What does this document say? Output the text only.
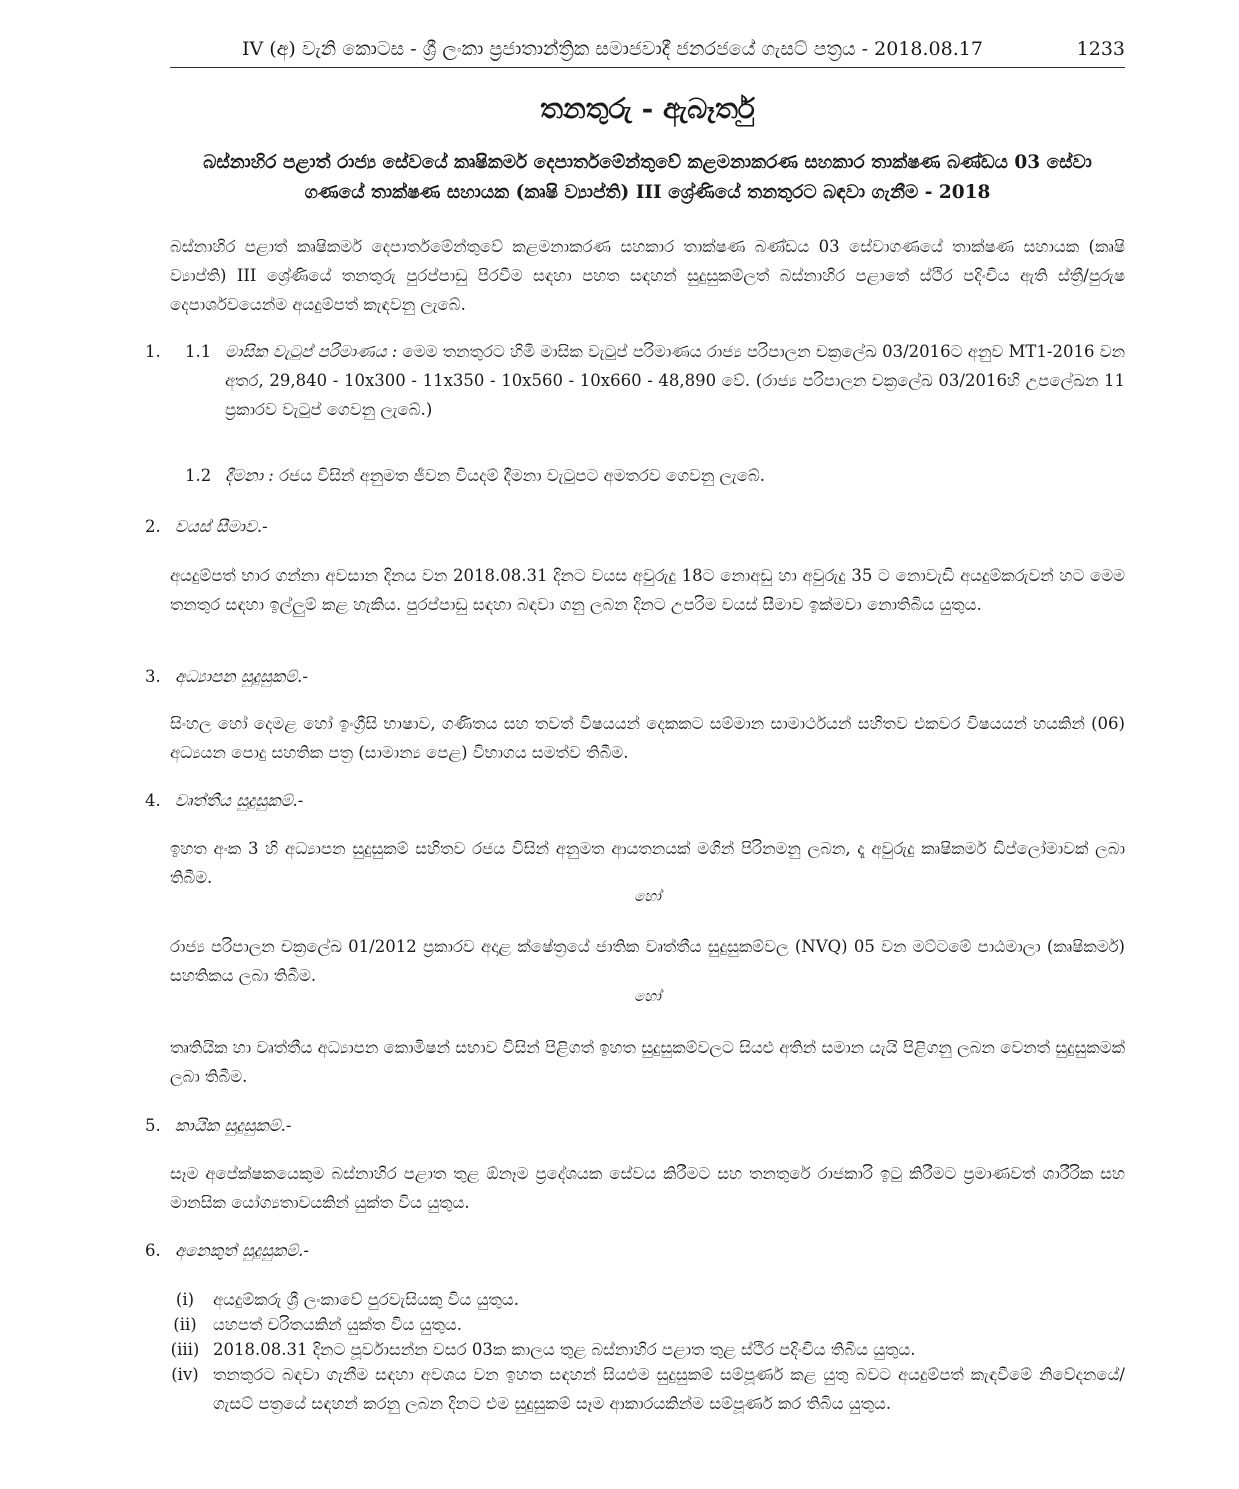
IV (අ) වැනි කොටස - ශ්‍රී ලංකා ප්‍රජාතාන්ත්‍රික සමාජවාදී ජනරජයේ ගැසට් පත්‍රය - 2018.08.17	1233
තනතුරු - ඇබෑර්තු
බස්නාහිර පළාත් රාජ්‍ය සේවයේ කෘෂිකර්ම දෙපාර්තමේන්තුවේ කළමනාකරණ සහකාර තාක්ෂණ බණ්ඩය 03 සේවා
ගණයේ තාක්ෂණ සහායක (කෘෂි ව්‍යාප්ති) III ශ්‍රේණියේ තනතුරට බඳවා ගැනීම - 2018
බස්නාහිර පළාත් කෘෂිකර්ම දෙපාර්තමේන්තුවේ කළමනාකරණ සහකාර තාක්ෂණ බණ්ඩය 03 සේවාගණයේ තාක්ෂණ සහායක (කෘෂි ව්‍යාප්ති) III ශ්‍රේණියේ තනතුරු පුරප්පාඩු පිරවීම සඳහා පහත සඳහන් සුදුසුකම්ලත් බස්නාහිර පළාතේ ස්ථිර පදිංචිය ඇති ස්ත්‍රී/පුරුෂ දෙපාර්ශවයෙන්ම අයදුම්පත් කැඳවනු ලැබේ.
1. 1.1 මාසික වැටුප් පරිමාණය : මෙම තනතුරට හිමි මාසික වැටුප් පරිමාණය රාජ්‍ය පරිපාලන චක්‍රලේඛ 03/2016ට අනුව MT1-2016 වන අතර, 29,840 - 10x300 - 11x350 - 10x560 - 10x660 - 48,890 වේ. (රාජ්‍ය පරිපාලන චක්‍රලේඛ 03/2016හි උපලේඛන 11 ප්‍රකාරව වැටුප් ගෙවනු ලැබේ.)
1.2 දීමනා : රජය විසින් අනුමත ජීවන වියදම් දීමනා වැටුපට අමතරව ගෙවනු ලැබේ.
2. වයස් සීමාව.-
අයදුම්පත් භාර ගන්නා අවසාන දිනය වන 2018.08.31 දිනට වයස අවුරුදු 18ට නොඅඩු හා අවුරුදු 35 ට නොවැඩි අයදුම්කරුවන් හට මෙම තනතුර සඳහා ඉල්ලුම් කළ හැකිය. පුරප්පාඩු සඳහා බඳවා ගනු ලබන දිනට උපරිම වයස් සීමාව ඉක්මවා නොතිබිය යුතුය.
3. අධ්‍යාපන සුදුසුකම්.-
සිංහල හෝ දෙමළ හෝ ඉංග්‍රීසි භාෂාව, ගණිතය සහ තවත් විෂයයන් දෙකකට සම්මාන සාමාර්ථයන් සහිතව එකවර විෂයයන් හයකින් (06) අධ්‍යයන පොදු සහතික පත්‍ර (සාමාන්‍ය පෙළ) විභාගය සමත්ව තිබීම.
4. වෘත්තීය සුදුසුකම්.-
ඉහත අංක 3 හි අධ්‍යාපන සුදුසුකම් සහිතව රජය විසින් අනුමත ආයතනයක් මගින් පිරිනමනු ලබන, දෑ අවුරුදු කෘෂිකර්ම ඩිප්ලෝමාවක් ලබා තිබීම.
හෝ
රාජ්‍ය පරිපාලන චක්‍රලේඛ 01/2012 ප්‍රකාරව අදාළ ක්ෂේත්‍රයේ ජාතික වෘත්තීය සුදුසුකම්වල (NVQ) 05 වන මට්ටමේ පාඨමාලා (කෘෂිකර්ම) සහතිකය ලබා තිබීම.
හෝ
තෘතියික හා වෘත්තීය අධ්‍යාපන කොමිෂන් සභාව විසින් පිළිගත් ඉහත සුදුසුකම්වලට සියළු අතින් සමාන යැයි පිළිගනු ලබන වෙනත් සුදුසුකමක් ලබා තිබීම.
5. කායික සුදුසුකම්.-
සෑම අපේක්ෂකයෙකුම බස්නාහිර පළාත තුළ ඕනෑම ප්‍රදේශයක සේවය කිරීමට සහ තනතුරේ රාජකාරි ඉටු කිරීමට ප්‍රමාණවත් ශාරීරික සහ මානසික යෝග්‍යතාවයකින් යුක්ත විය යුතුය.
6. අනෙකුත් සුදුසුකම්.-
(i)	අයදුම්කරු ශ්‍රී ලංකාවේ පුරවැසියකු විය යුතුය.
(ii) යහපත් චරිතයකින් යුක්ත විය යුතුය.
(iii) 2018.08.31 දිනට පූර්වාසන්න වසර 03ක කාලය තුළ බස්නාහිර පළාත තුළ ස්ථිර පදිංචිය තිබිය යුතුය.
(iv) තනතුරට බඳවා ගැනීම සඳහා අවශය වන ඉහත සඳහන් සියළුම සුදුසුකම් සම්පූර්ණ කළ යුතු බවට අයදුම්පත් කැඳවීමේ නිවේදනයේ/ගැසට් පත්‍රයේ සඳහන් කරනු ලබන දිනට එම සුදුසුකම් සෑම ආකාරයකින්ම සම්පූර්ණ කර තිබිය යුතුය.
